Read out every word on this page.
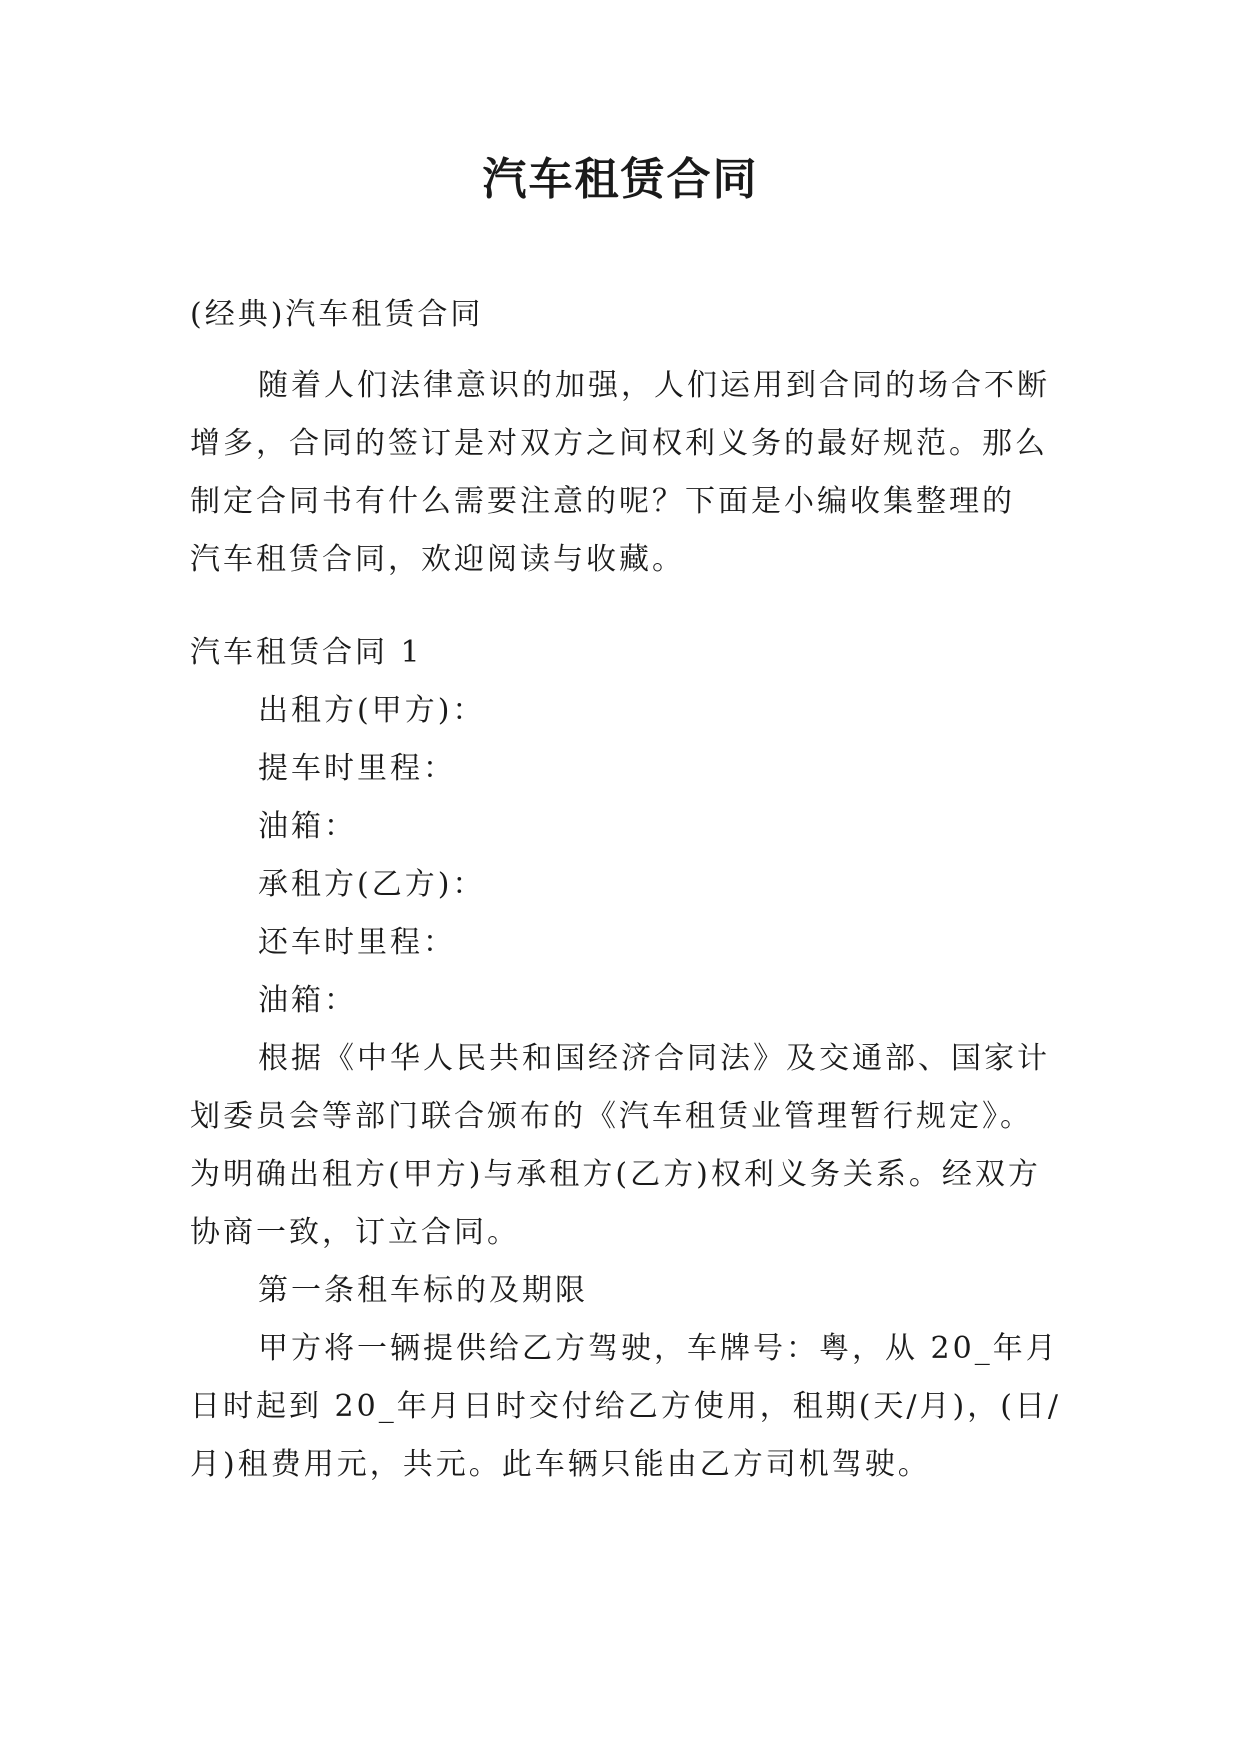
汽车租赁合同
(经典)汽车租赁合同
随着人们法律意识的加强，人们运用到合同的场合不断
增多，合同的签订是对双方之间权利义务的最好规范。那么
制定合同书有什么需要注意的呢？下面是小编收集整理的
汽车租赁合同，欢迎阅读与收藏。
汽车租赁合同 1
出租方(甲方)：
提车时里程：
油箱：
承租方(乙方)：
还车时里程：
油箱：
根据《中华人民共和国经济合同法》及交通部、国家计
划委员会等部门联合颁布的《汽车租赁业管理暂行规定》。
为明确出租方(甲方)与承租方(乙方)权利义务关系。经双方
协商一致，订立合同。
第一条租车标的及期限
甲方将一辆提供给乙方驾驶，车牌号：粤，从 20_年月
日时起到 20_年月日时交付给乙方使用，租期(天/月)，(日/
月)租费用元，共元。此车辆只能由乙方司机驾驶。
